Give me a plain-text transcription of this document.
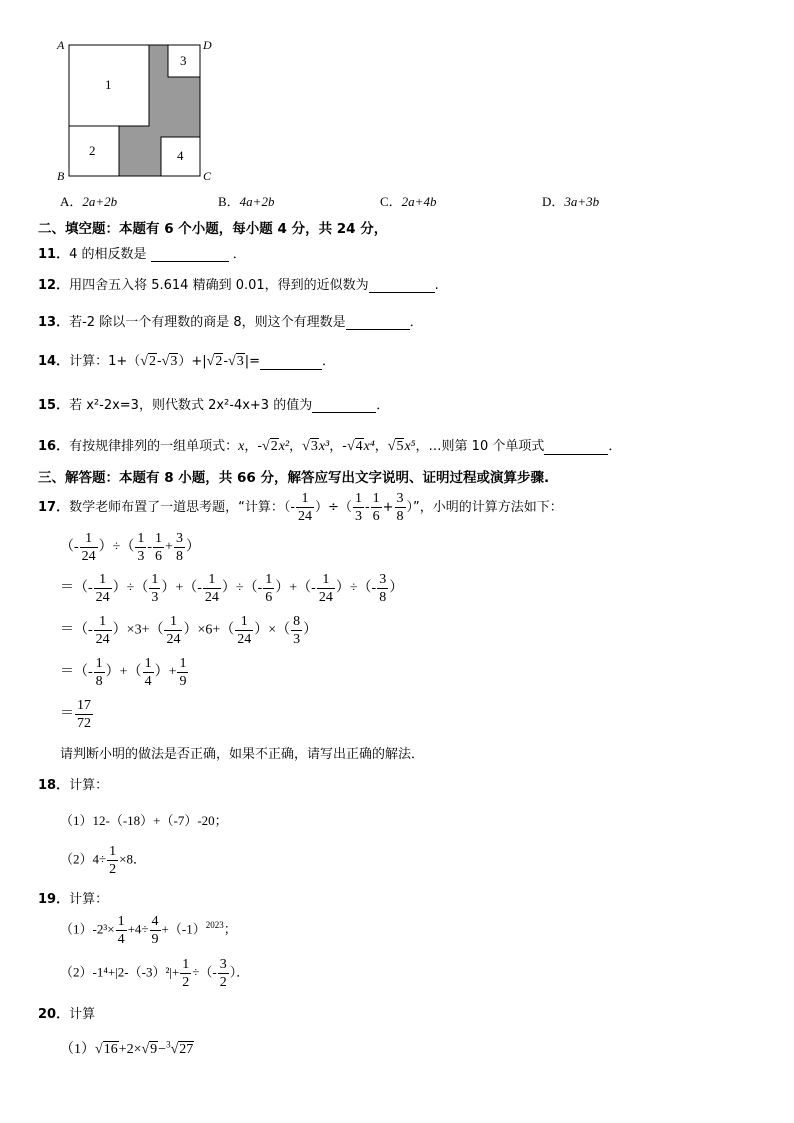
A	D
B	C
1
2
3
4
A．2a+2b	B．4a+2b	C．2a+4b	D．3a+3b
二、填空题：本题有 6 个小题，每小题 4 分，共 24 分，
11．4 的相反数是	．
12．用四舍五入将 5.614 精确到 0.01，得到的近似数为	.
13．若-2 除以一个有理数的商是 8，则这个有理数是	．
14．计算：1+（√2-√3）+|√2-√3|=	．
15．若 x²-2x=3，则代数式 2x²-4x+3 的值为	．
16．有按规律排列的一组单项式：x，-√2x²，√3x³，-√4x⁴，√5x⁵，…则第 10 个单项式	．
三、解答题：本题有 8 小题，共 66 分，解答应写出文字说明、证明过程或演算步骤.
17．数学老师布置了一道思考题，“计算：（- $\frac{1}{24}$ ）÷（ $\frac{1}{3} - \frac{1}{6} + \frac{3}{8}$ ）”，小明的计算方法如下：
（- $\frac{1}{24}$ ）÷（ $\frac{1}{3} - \frac{1}{6} + \frac{3}{8}$ ）
＝（- $\frac{1}{24}$ ）÷（ $\frac{1}{3}$ ）+（- $\frac{1}{24}$ ）÷（- $\frac{1}{6}$ ）+（- $\frac{1}{24}$ ）÷（- $\frac{3}{8}$ ）
＝（- $\frac{1}{24} )\times 3+( \frac{1}{24} )\times 6+( \frac{1}{24}$ ）×（ $\frac{8}{3}$ ）
＝（- $\frac{1}{8}$ ）+（ $\frac{1}{4}$ ）+ $\frac{1}{9}$
＝ $\frac{17}{72}$
请判断小明的做法是否正确，如果不正确，请写出正确的解法．
18．计算：
（1）12-（-18）+（-7）-20；
$(2)4\div \frac{1}{2} \times 8$．
19．计算：
$(1)-2^3\times \frac{1}{4} +4\div \frac{4}{9} +(-1)^{2023}$；
$(2)-1^4+|2-(-3)^2|+ \frac{1}{2}$ ÷（- $\frac{3}{2}$ ）．
20．计算
（1）√16+2×√9−$^3$√27
